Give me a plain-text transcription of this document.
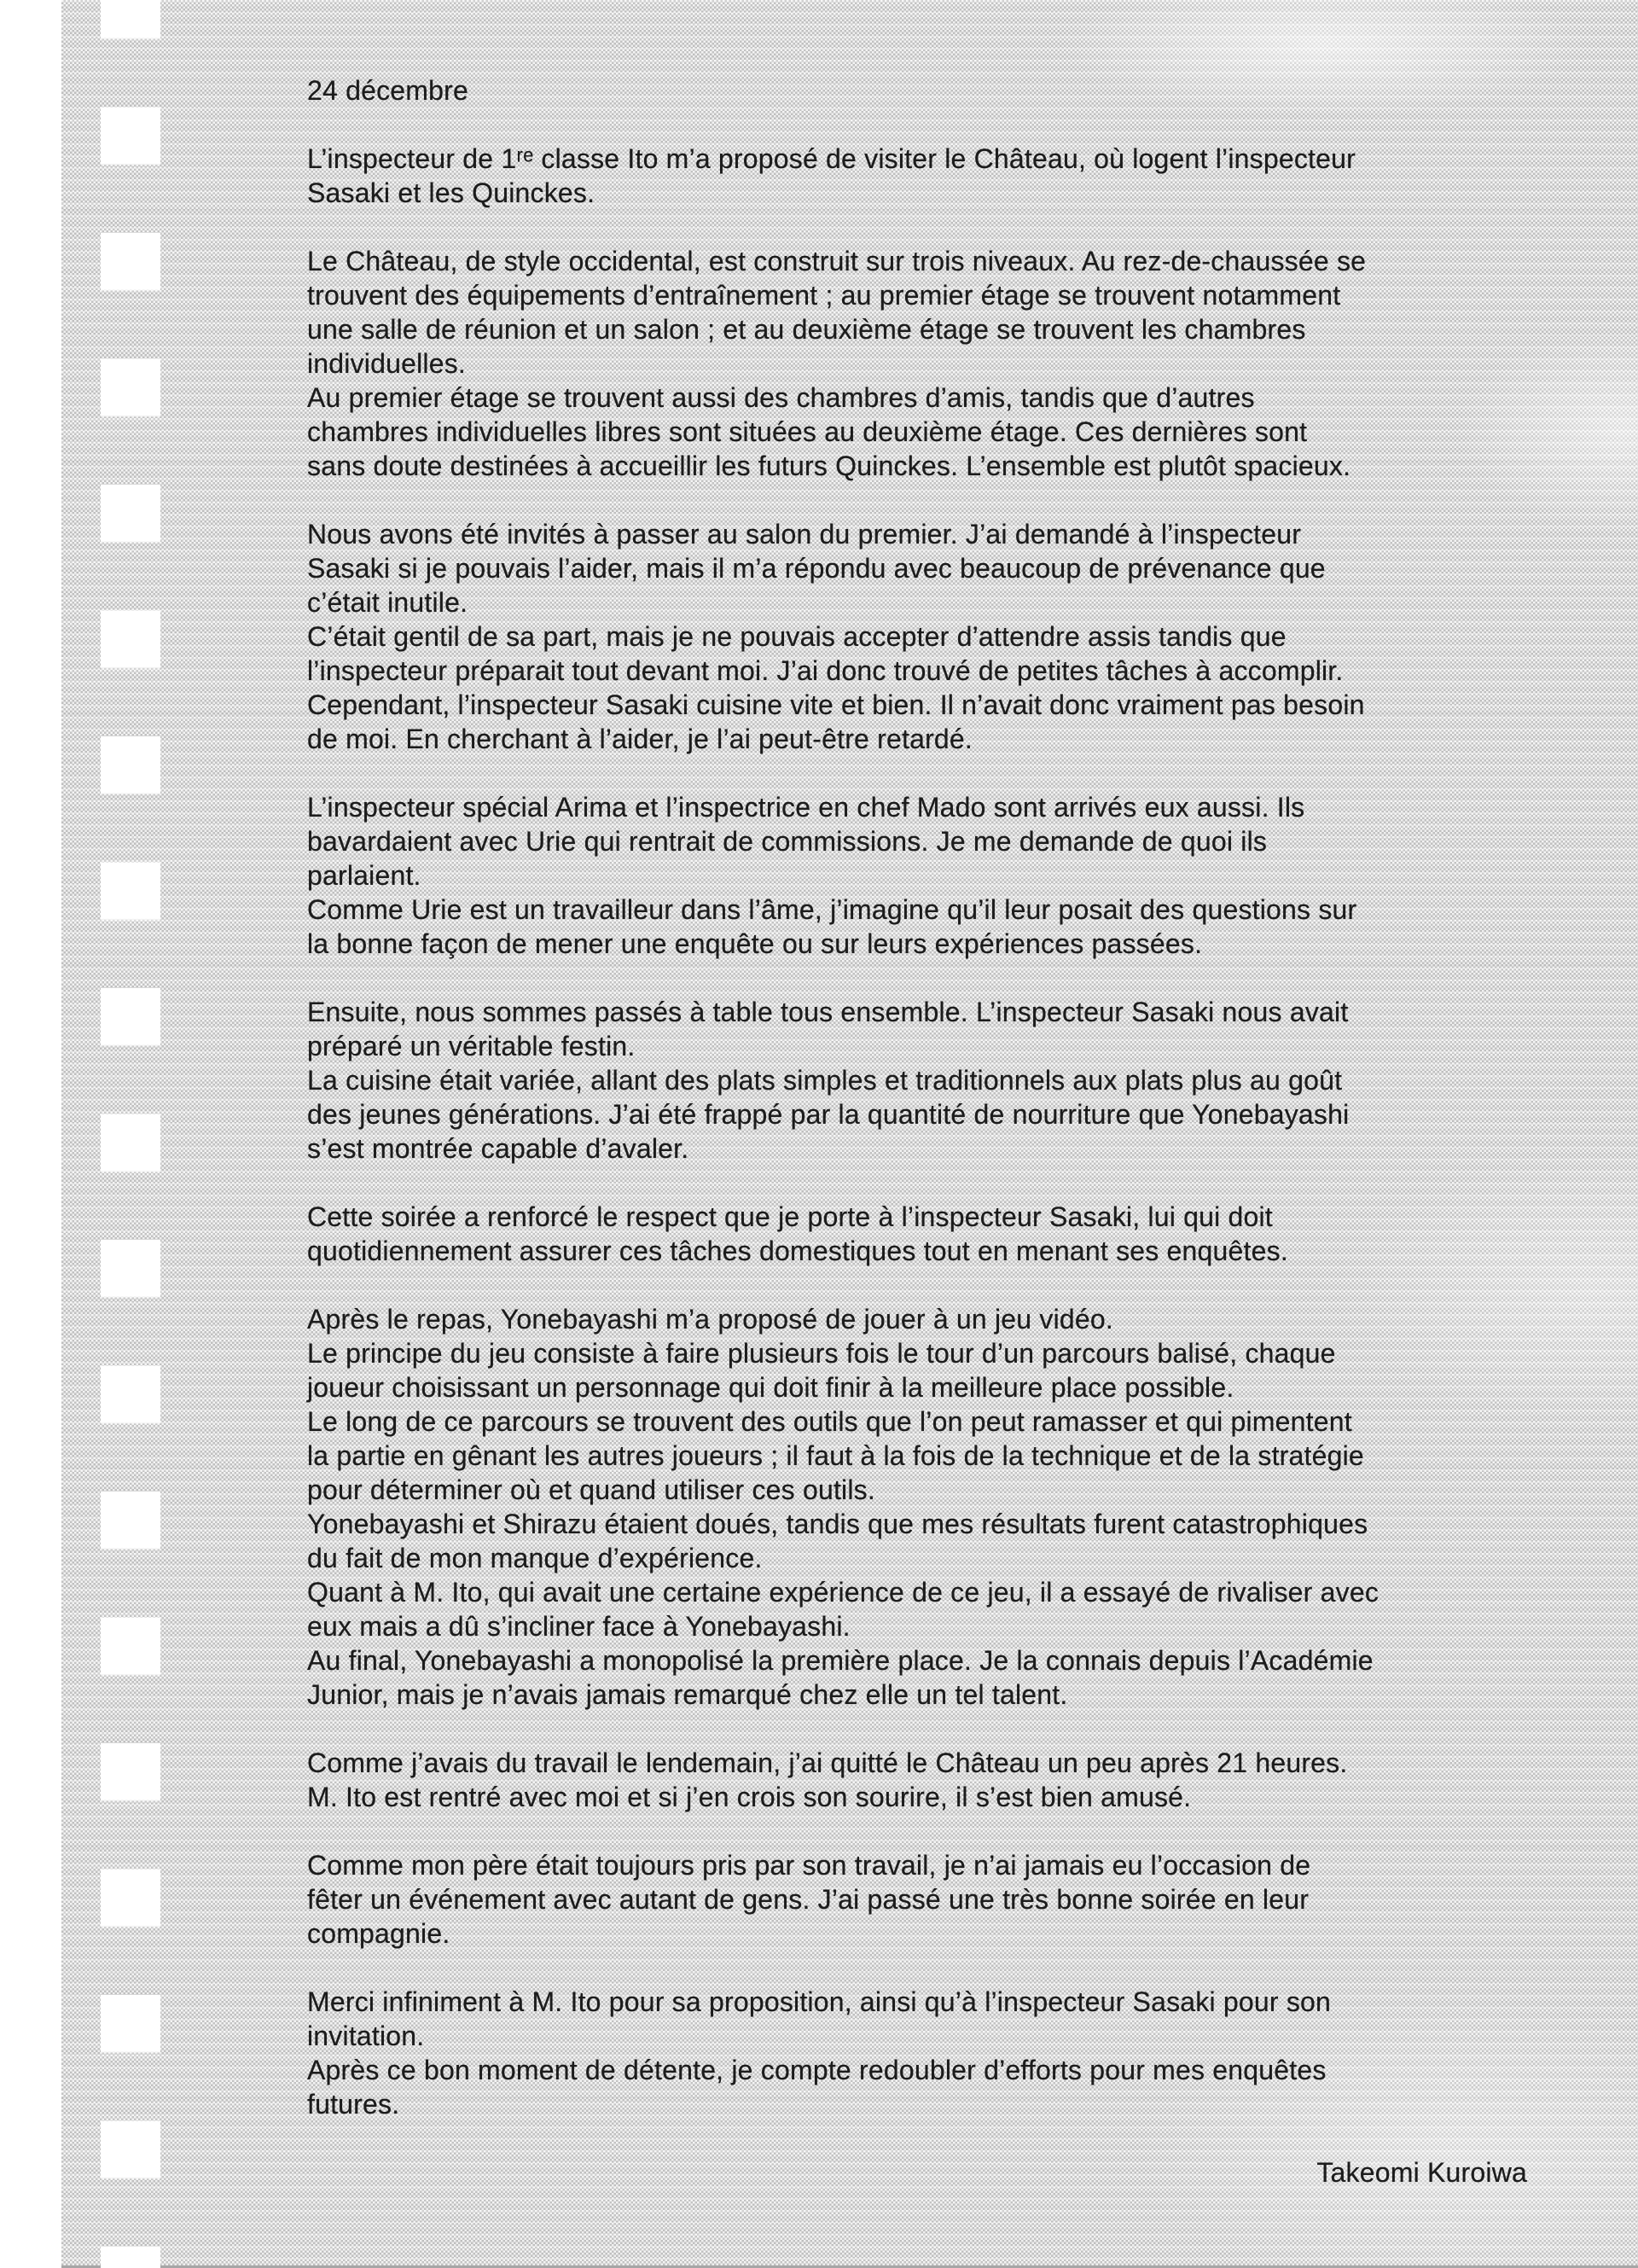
24 décembre
L’inspecteur de 1ʳᵉ classe Ito m’a proposé de visiter le Château, où logent l’inspecteur
Sasaki et les Quinckes.
Le Château, de style occidental, est construit sur trois niveaux. Au rez-de-chaussée se
trouvent des équipements d’entraînement ; au premier étage se trouvent notamment
une salle de réunion et un salon ; et au deuxième étage se trouvent les chambres
individuelles.
Au premier étage se trouvent aussi des chambres d’amis, tandis que d’autres
chambres individuelles libres sont situées au deuxième étage. Ces dernières sont
sans doute destinées à accueillir les futurs Quinckes. L’ensemble est plutôt spacieux.
Nous avons été invités à passer au salon du premier. J’ai demandé à l’inspecteur
Sasaki si je pouvais l’aider, mais il m’a répondu avec beaucoup de prévenance que
c’était inutile.
C’était gentil de sa part, mais je ne pouvais accepter d’attendre assis tandis que
l’inspecteur préparait tout devant moi. J’ai donc trouvé de petites tâches à accomplir.
Cependant, l’inspecteur Sasaki cuisine vite et bien. Il n’avait donc vraiment pas besoin
de moi. En cherchant à l’aider, je l’ai peut-être retardé.
L’inspecteur spécial Arima et l’inspectrice en chef Mado sont arrivés eux aussi. Ils
bavardaient avec Urie qui rentrait de commissions. Je me demande de quoi ils
parlaient.
Comme Urie est un travailleur dans l’âme, j’imagine qu’il leur posait des questions sur
la bonne façon de mener une enquête ou sur leurs expériences passées.
Ensuite, nous sommes passés à table tous ensemble. L’inspecteur Sasaki nous avait
préparé un véritable festin.
La cuisine était variée, allant des plats simples et traditionnels aux plats plus au goût
des jeunes générations. J’ai été frappé par la quantité de nourriture que Yonebayashi
s’est montrée capable d’avaler.
Cette soirée a renforcé le respect que je porte à l’inspecteur Sasaki, lui qui doit
quotidiennement assurer ces tâches domestiques tout en menant ses enquêtes.
Après le repas, Yonebayashi m’a proposé de jouer à un jeu vidéo.
Le principe du jeu consiste à faire plusieurs fois le tour d’un parcours balisé, chaque
joueur choisissant un personnage qui doit finir à la meilleure place possible.
Le long de ce parcours se trouvent des outils que l’on peut ramasser et qui pimentent
la partie en gênant les autres joueurs ; il faut à la fois de la technique et de la stratégie
pour déterminer où et quand utiliser ces outils.
Yonebayashi et Shirazu étaient doués, tandis que mes résultats furent catastrophiques
du fait de mon manque d’expérience.
Quant à M. Ito, qui avait une certaine expérience de ce jeu, il a essayé de rivaliser avec
eux mais a dû s’incliner face à Yonebayashi.
Au final, Yonebayashi a monopolisé la première place. Je la connais depuis l’Académie
Junior, mais je n’avais jamais remarqué chez elle un tel talent.
Comme j’avais du travail le lendemain, j’ai quitté le Château un peu après 21 heures.
M. Ito est rentré avec moi et si j’en crois son sourire, il s’est bien amusé.
Comme mon père était toujours pris par son travail, je n’ai jamais eu l’occasion de
fêter un événement avec autant de gens. J’ai passé une très bonne soirée en leur
compagnie.
Merci infiniment à M. Ito pour sa proposition, ainsi qu’à l’inspecteur Sasaki pour son
invitation.
Après ce bon moment de détente, je compte redoubler d’efforts pour mes enquêtes
futures.
Takeomi Kuroiwa
